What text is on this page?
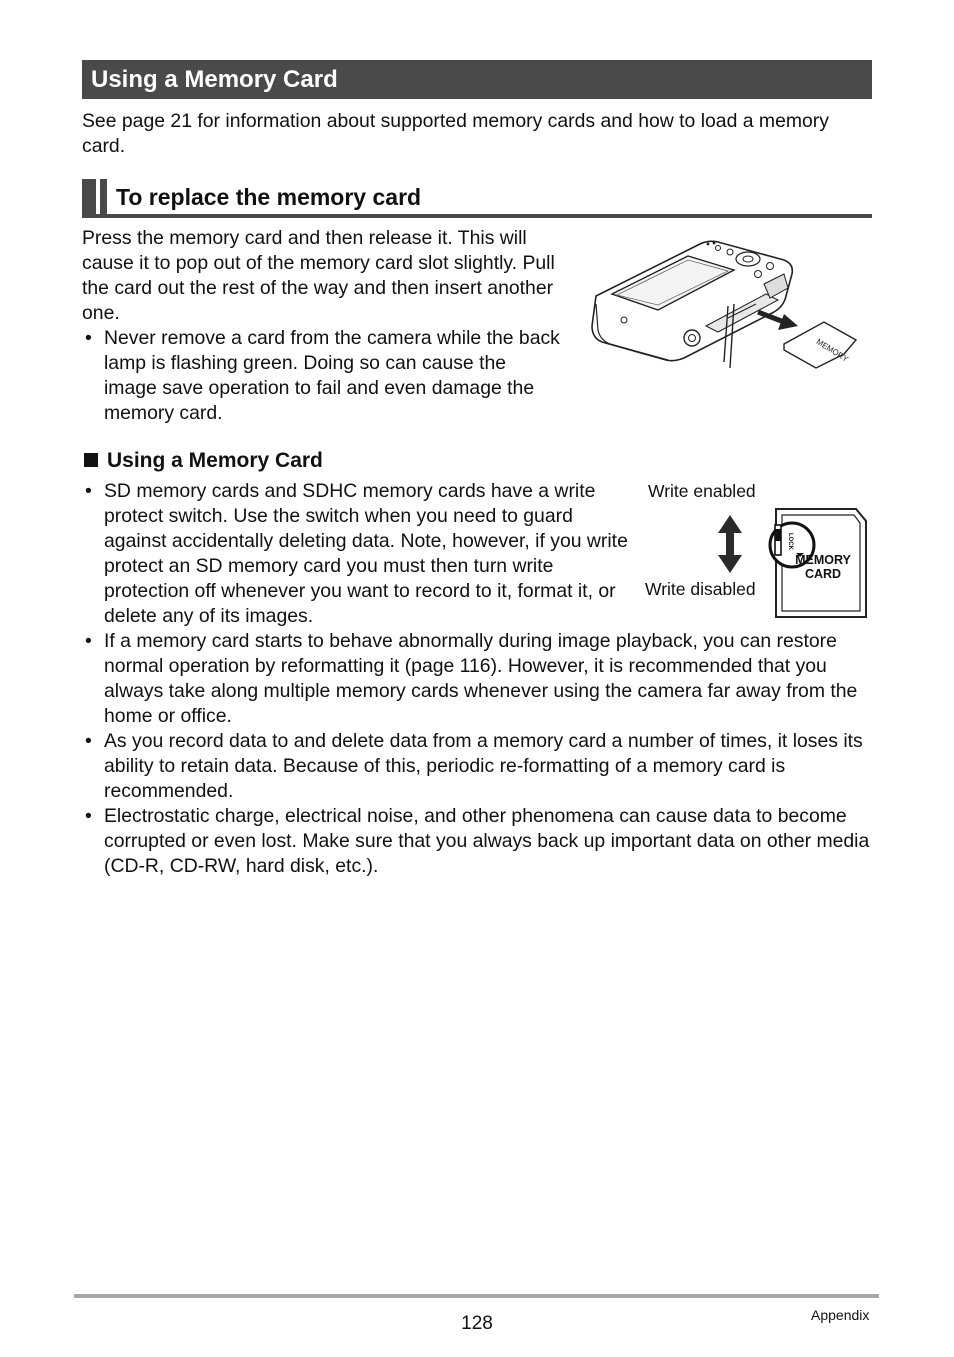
Using a Memory Card
See page 21 for information about supported memory cards and how to load a memory card.
To replace the memory card
Press the memory card and then release it. This will cause it to pop out of the memory card slot slightly. Pull the card out the rest of the way and then insert another one.
• Never remove a card from the camera while the back lamp is flashing green. Doing so can cause the image save operation to fail and even damage the memory card.
MEMORY
Using a Memory Card
• SD memory cards and SDHC memory cards have a write protect switch. Use the switch when you need to guard against accidentally deleting data. Note, however, if you write protect an SD memory card you must then turn write protection off whenever you want to record to it, format it, or delete any of its images.
• If a memory card starts to behave abnormally during image playback, you can restore normal operation by reformatting it (page 116). However, it is recommended that you always take along multiple memory cards whenever using the camera far away from the home or office.
• As you record data to and delete data from a memory card a number of times, it loses its ability to retain data. Because of this, periodic re-formatting of a memory card is recommended.
• Electrostatic charge, electrical noise, and other phenomena can cause data to become corrupted or even lost. Make sure that you always back up important data on other media (CD-R, CD-RW, hard disk, etc.).
Write enabled
Write disabled
LOCK
MEMORY
CARD
128	Appendix
